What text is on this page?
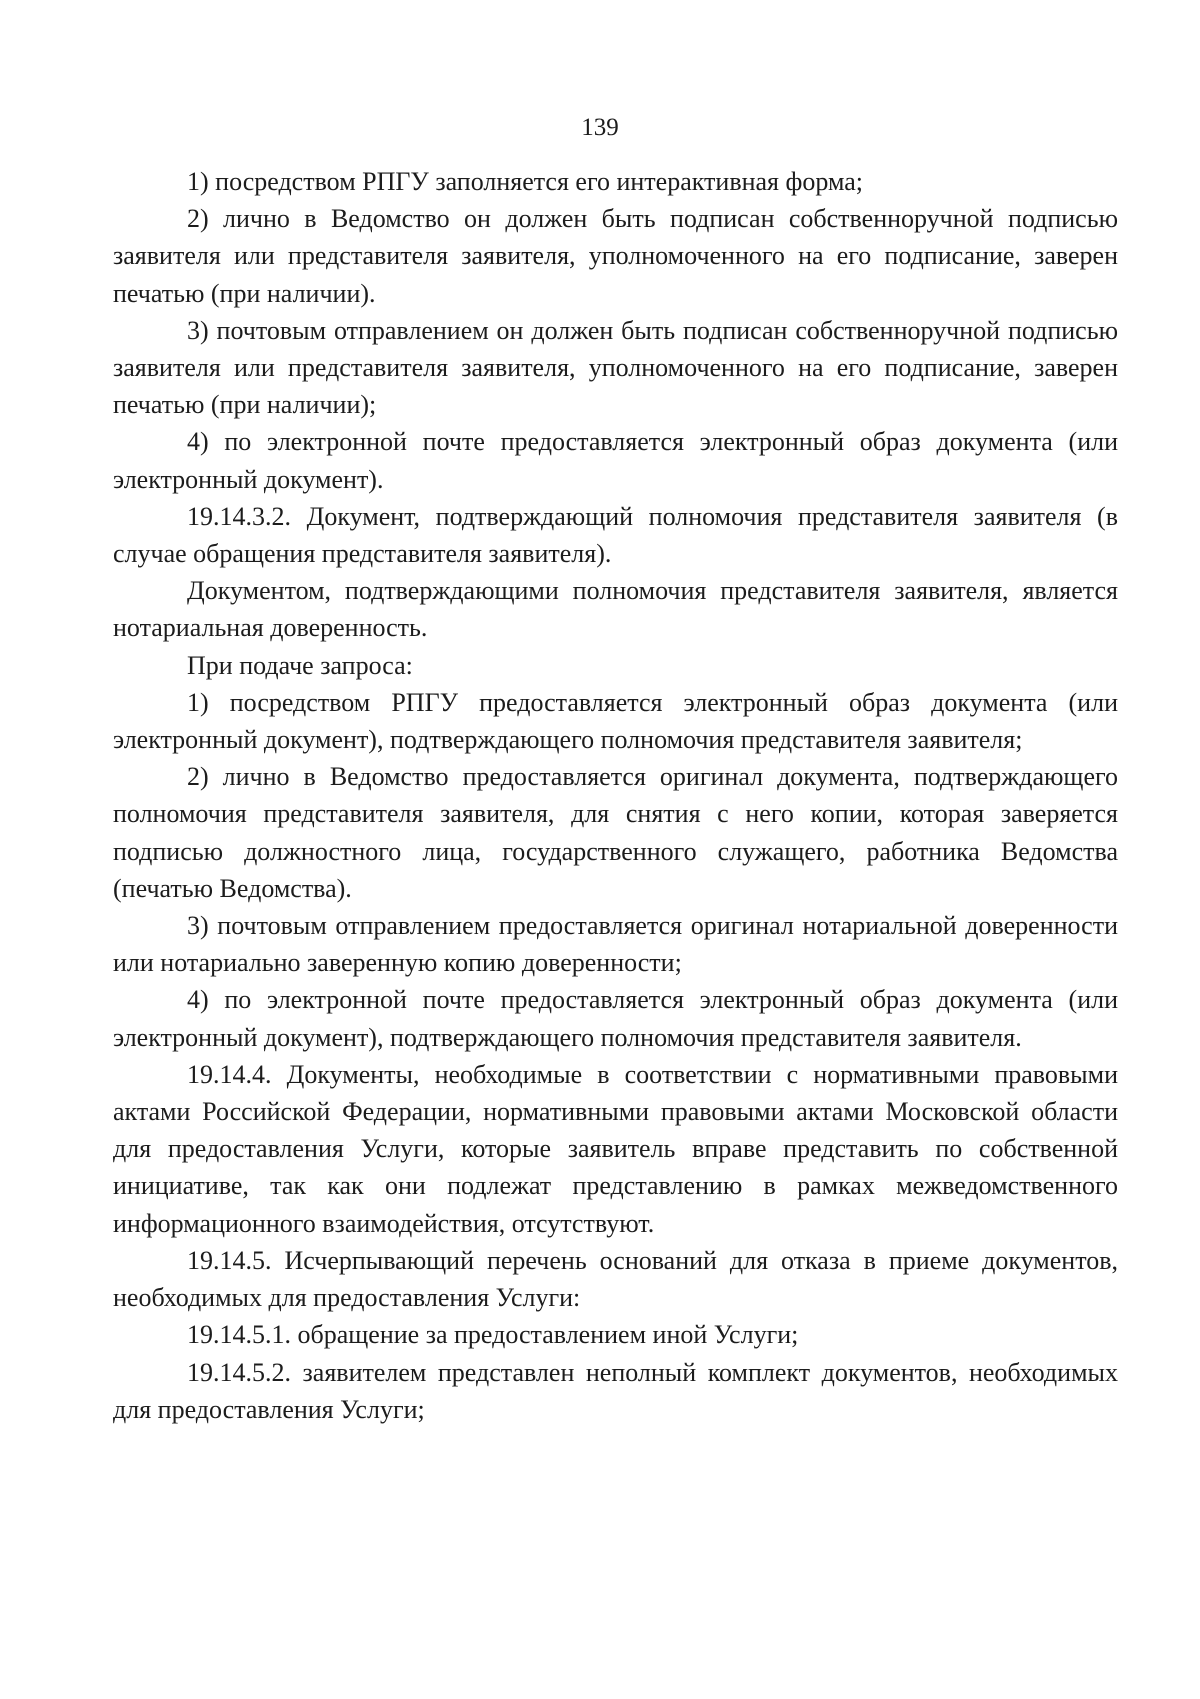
139

1) посредством РПГУ заполняется его интерактивная форма;

2) лично в Ведомство он должен быть подписан собственноручной подписью заявителя или представителя заявителя, уполномоченного на его подписание, заверен печатью (при наличии).

3) почтовым отправлением он должен быть подписан собственноручной подписью заявителя или представителя заявителя, уполномоченного на его подписание, заверен печатью (при наличии);

4) по электронной почте предоставляется электронный образ документа (или электронный документ).

19.14.3.2. Документ, подтверждающий полномочия представителя заявителя (в случае обращения представителя заявителя).

Документом, подтверждающими полномочия представителя заявителя, является нотариальная доверенность.

При подаче запроса:

1) посредством РПГУ предоставляется электронный образ документа (или электронный документ), подтверждающего полномочия представителя заявителя;

2) лично в Ведомство предоставляется оригинал документа, подтверждающего полномочия представителя заявителя, для снятия с него копии, которая заверяется подписью должностного лица, государственного служащего, работника Ведомства (печатью Ведомства).

3) почтовым отправлением предоставляется оригинал нотариальной доверенности или нотариально заверенную копию доверенности;

4) по электронной почте предоставляется электронный образ документа (или электронный документ), подтверждающего полномочия представителя заявителя.

19.14.4. Документы, необходимые в соответствии с нормативными правовыми актами Российской Федерации, нормативными правовыми актами Московской области для предоставления Услуги, которые заявитель вправе представить по собственной инициативе, так как они подлежат представлению в рамках межведомственного информационного взаимодействия, отсутствуют.

19.14.5. Исчерпывающий перечень оснований для отказа в приеме документов, необходимых для предоставления Услуги:

19.14.5.1. обращение за предоставлением иной Услуги;

19.14.5.2. заявителем представлен неполный комплект документов, необходимых для предоставления Услуги;
